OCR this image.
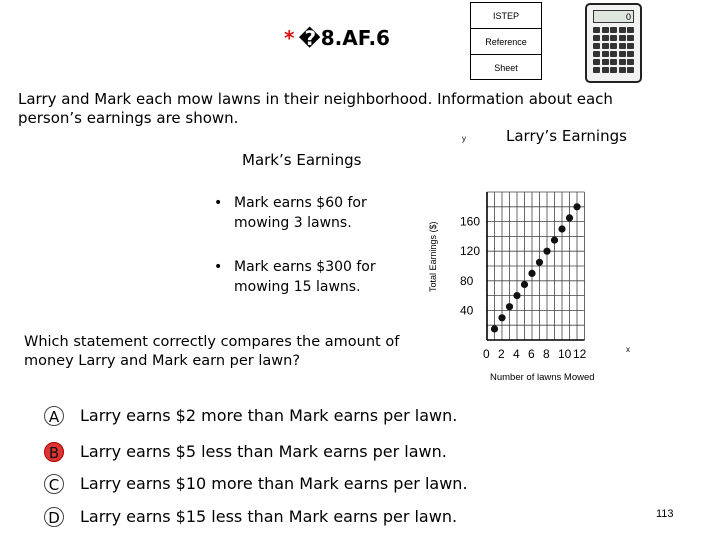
* �8.AF.6
ISTEP
Reference
Sheet
0
Larry and Mark each mow lawns in their neighborhood. Information about each person’s earnings are shown.
Mark’s Earnings
• Mark earns $60 for mowing 3 lawns.
• Mark earns $300 for mowing 15 lawns.
Larry’s Earnings
y
x
Total Earnings ($)
Number of lawns Mowed
40
80
120
160
0 2 4 6 8 10 12
Which statement correctly compares the amount of money Larry and Mark earn per lawn?
A	Larry earns $2 more than Mark earns per lawn.
B	Larry earns $5 less than Mark earns per lawn.
C Larry earns $10 more than Mark earns per lawn.
D Larry earns $15 less than Mark earns per lawn.	113
